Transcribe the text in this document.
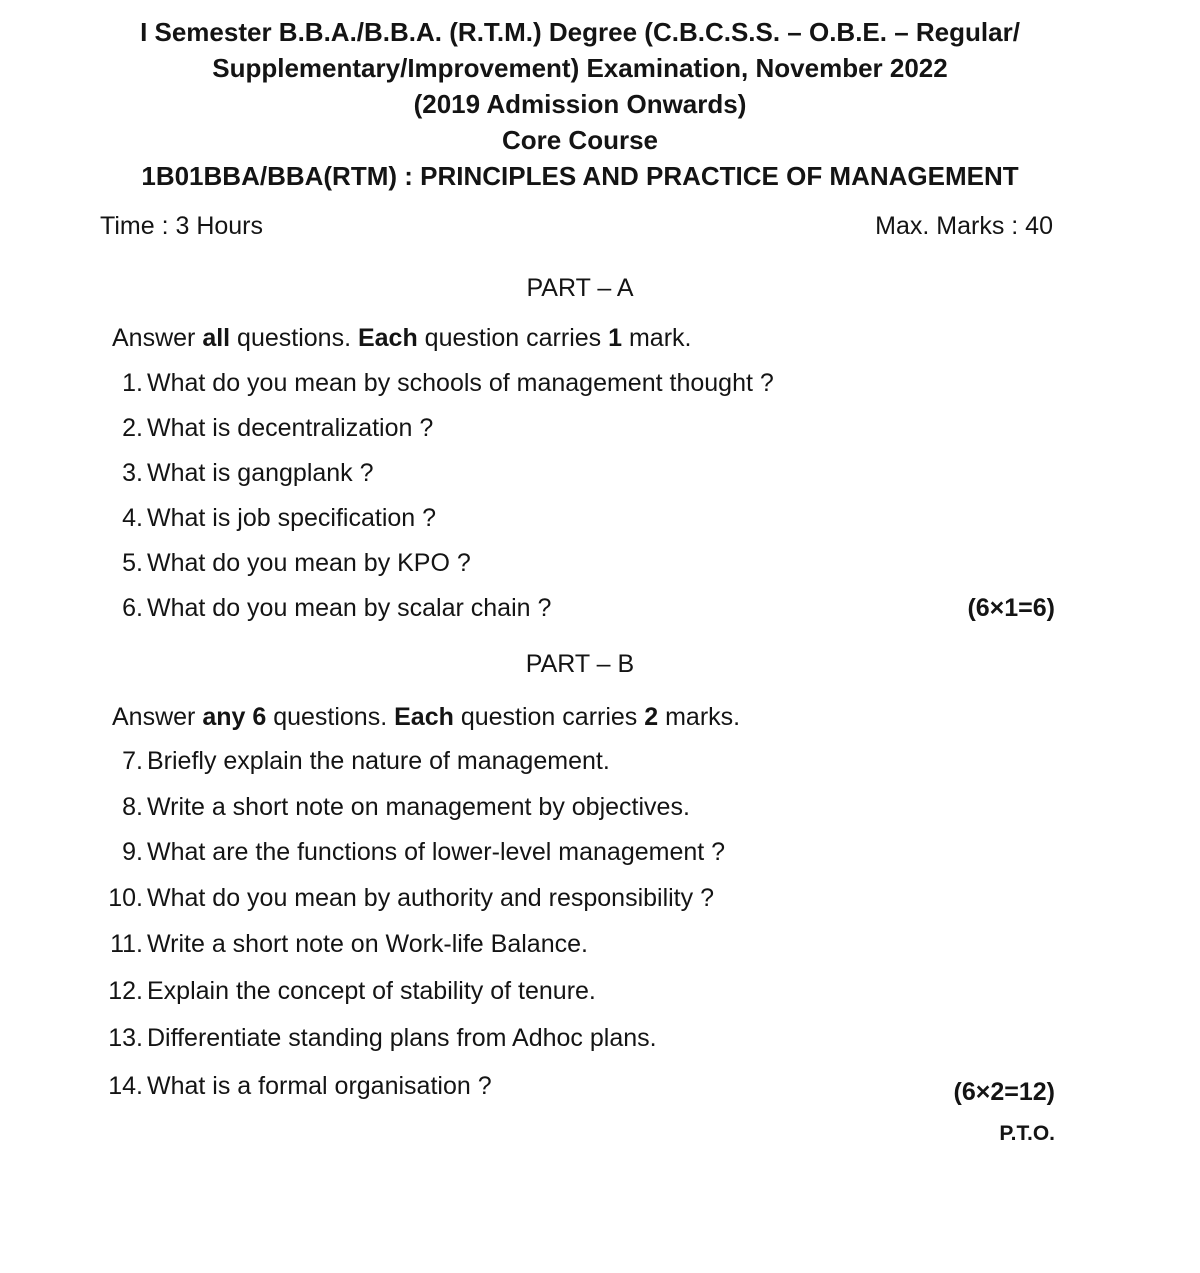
I Semester B.B.A./B.B.A. (R.T.M.) Degree (C.B.C.S.S. – O.B.E. – Regular/
Supplementary/Improvement) Examination, November 2022
(2019 Admission Onwards)
Core Course
1B01BBA/BBA(RTM) : PRINCIPLES AND PRACTICE OF MANAGEMENT
Time : 3 Hours	Max. Marks : 40
PART – A
Answer all questions. Each question carries 1 mark.
1. What do you mean by schools of management thought ?
2. What is decentralization ?
3. What is gangplank ?
4. What is job specification ?
5. What do you mean by KPO ?
6. What do you mean by scalar chain ?	(6×1=6)
PART – B
Answer any 6 questions. Each question carries 2 marks.
7. Briefly explain the nature of management.
8. Write a short note on management by objectives.
9. What are the functions of lower-level management ?
10. What do you mean by authority and responsibility ?
11. Write a short note on Work-life Balance.
12. Explain the concept of stability of tenure.
13. Differentiate standing plans from Adhoc plans.
14. What is a formal organisation ?	(6×2=12)
P.T.O.
